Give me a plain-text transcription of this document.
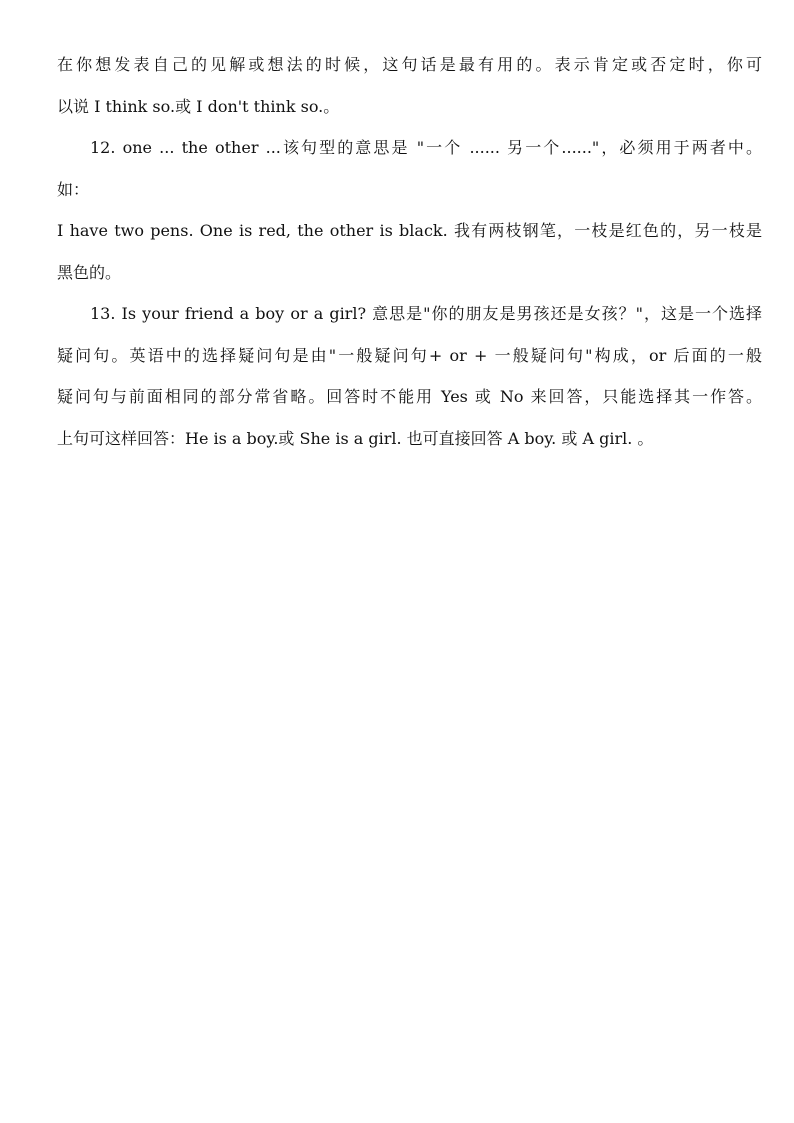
在你想发表自己的见解或想法的时候，这句话是最有用的。表示肯定或否定时，你可
以说 I think so.或 I don't think so.。
12. one ... the other ...该句型的意思是 "一个 ...... 另一个......"，必须用于两者中。
如：
I have two pens. One is red, the other is black. 我有两枝钢笔，一枝是红色的，另一枝是
黑色的。
13. Is your friend a boy or a girl? 意思是"你的朋友是男孩还是女孩？"，这是一个选择
疑问句。英语中的选择疑问句是由"一般疑问句+ or + 一般疑问句"构成，or 后面的一般
疑问句与前面相同的部分常省略。回答时不能用 Yes 或 No 来回答，只能选择其一作答。
上句可这样回答：He is a boy.或 She is a girl. 也可直接回答 A boy. 或 A girl. 。
